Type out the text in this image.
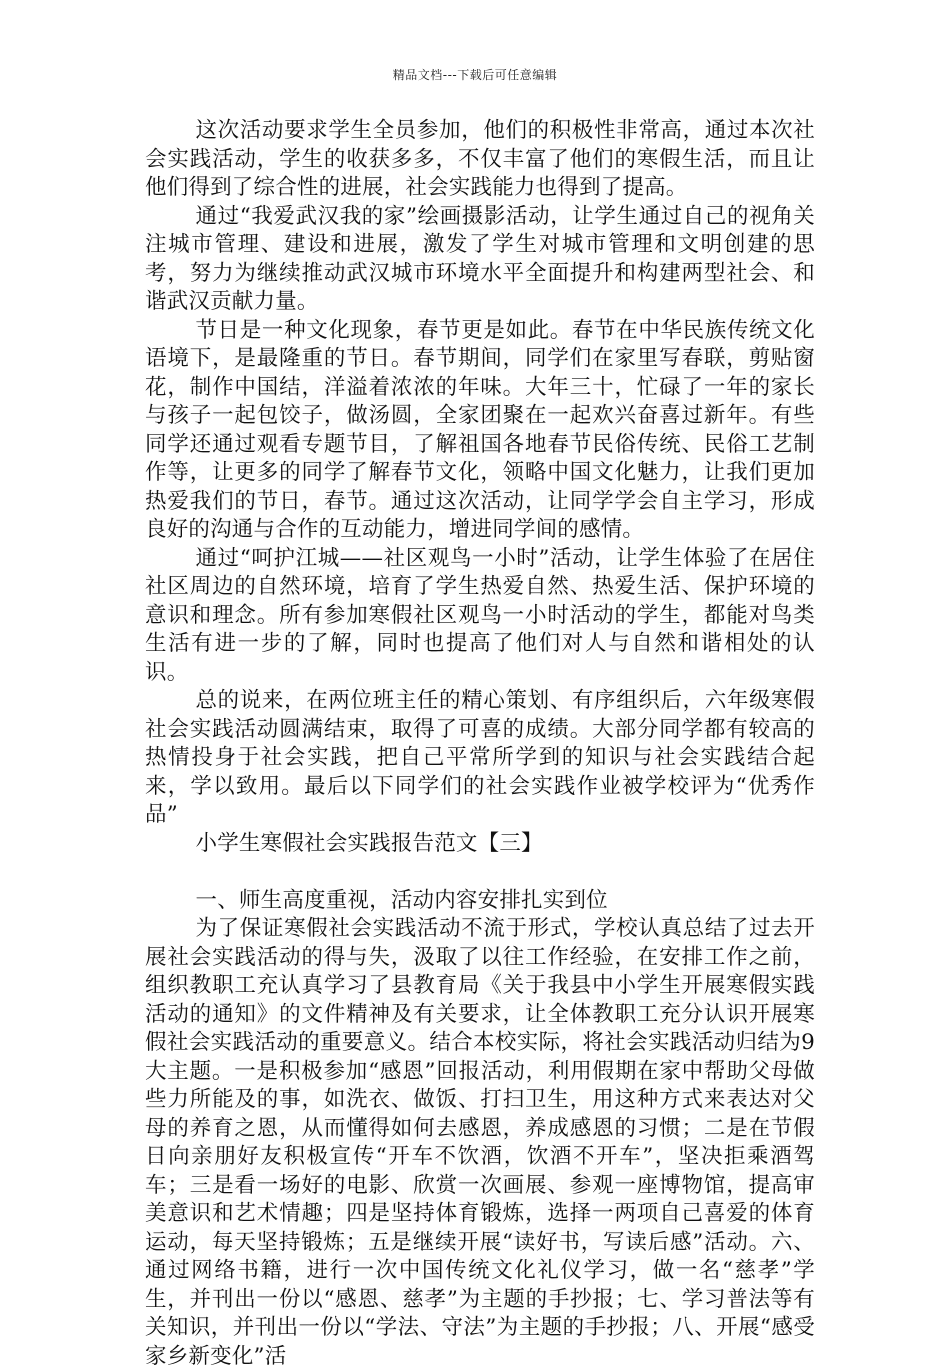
精品文档---下载后可任意编辑

这次活动要求学生全员参加，他们的积极性非常高，通过本次社会实践活动，学生的收获多多，不仅丰富了他们的寒假生活，而且让他们得到了综合性的进展，社会实践能力也得到了提高。

通过“我爱武汉我的家”绘画摄影活动，让学生通过自己的视角关注城市管理、建设和进展，激发了学生对城市管理和文明创建的思考，努力为继续推动武汉城市环境水平全面提升和构建两型社会、和谐武汉贡献力量。

节日是一种文化现象，春节更是如此。春节在中华民族传统文化语境下，是最隆重的节日。春节期间，同学们在家里写春联，剪贴窗花，制作中国结，洋溢着浓浓的年味。大年三十，忙碌了一年的家长与孩子一起包饺子，做汤圆，全家团聚在一起欢兴奋喜过新年。有些同学还通过观看专题节目，了解祖国各地春节民俗传统、民俗工艺制作等，让更多的同学了解春节文化，领略中国文化魅力，让我们更加热爱我们的节日，春节。通过这次活动，让同学学会自主学习，形成良好的沟通与合作的互动能力，增进同学间的感情。

通过“呵护江城——社区观鸟一小时”活动，让学生体验了在居住社区周边的自然环境，培育了学生热爱自然、热爱生活、保护环境的意识和理念。所有参加寒假社区观鸟一小时活动的学生，都能对鸟类生活有进一步的了解，同时也提高了他们对人与自然和谐相处的认识。

总的说来，在两位班主任的精心策划、有序组织后，六年级寒假社会实践活动圆满结束，取得了可喜的成绩。大部分同学都有较高的热情投身于社会实践，把自己平常所学到的知识与社会实践结合起来，学以致用。最后以下同学们的社会实践作业被学校评为“优秀作品”

小学生寒假社会实践报告范文【三】

一、师生高度重视，活动内容安排扎实到位

为了保证寒假社会实践活动不流于形式，学校认真总结了过去开展社会实践活动的得与失，汲取了以往工作经验，在安排工作之前，组织教职工充认真学习了县教育局《关于我县中小学生开展寒假实践活动的通知》的文件精神及有关要求，让全体教职工充分认识开展寒假社会实践活动的重要意义。结合本校实际，将社会实践活动归结为9大主题。一是积极参加“感恩”回报活动，利用假期在家中帮助父母做些力所能及的事，如洗衣、做饭、打扫卫生，用这种方式来表达对父母的养育之恩，从而懂得如何去感恩，养成感恩的习惯；二是在节假日向亲朋好友积极宣传“开车不饮酒，饮酒不开车”，坚决拒乘酒驾车；三是看一场好的电影、欣赏一次画展、参观一座博物馆，提高审美意识和艺术情趣；四是坚持体育锻炼，选择一两项自己喜爱的体育运动，每天坚持锻炼；五是继续开展“读好书，写读后感”活动。六、通过网络书籍，进行一次中国传统文化礼仪学习，做一名“慈孝”学生，并刊出一份以“感恩、慈孝”为主题的手抄报；七、学习普法等有关知识，并刊出一份以“学法、守法”为主题的手抄报；八、开展“感受家乡新变化”活
